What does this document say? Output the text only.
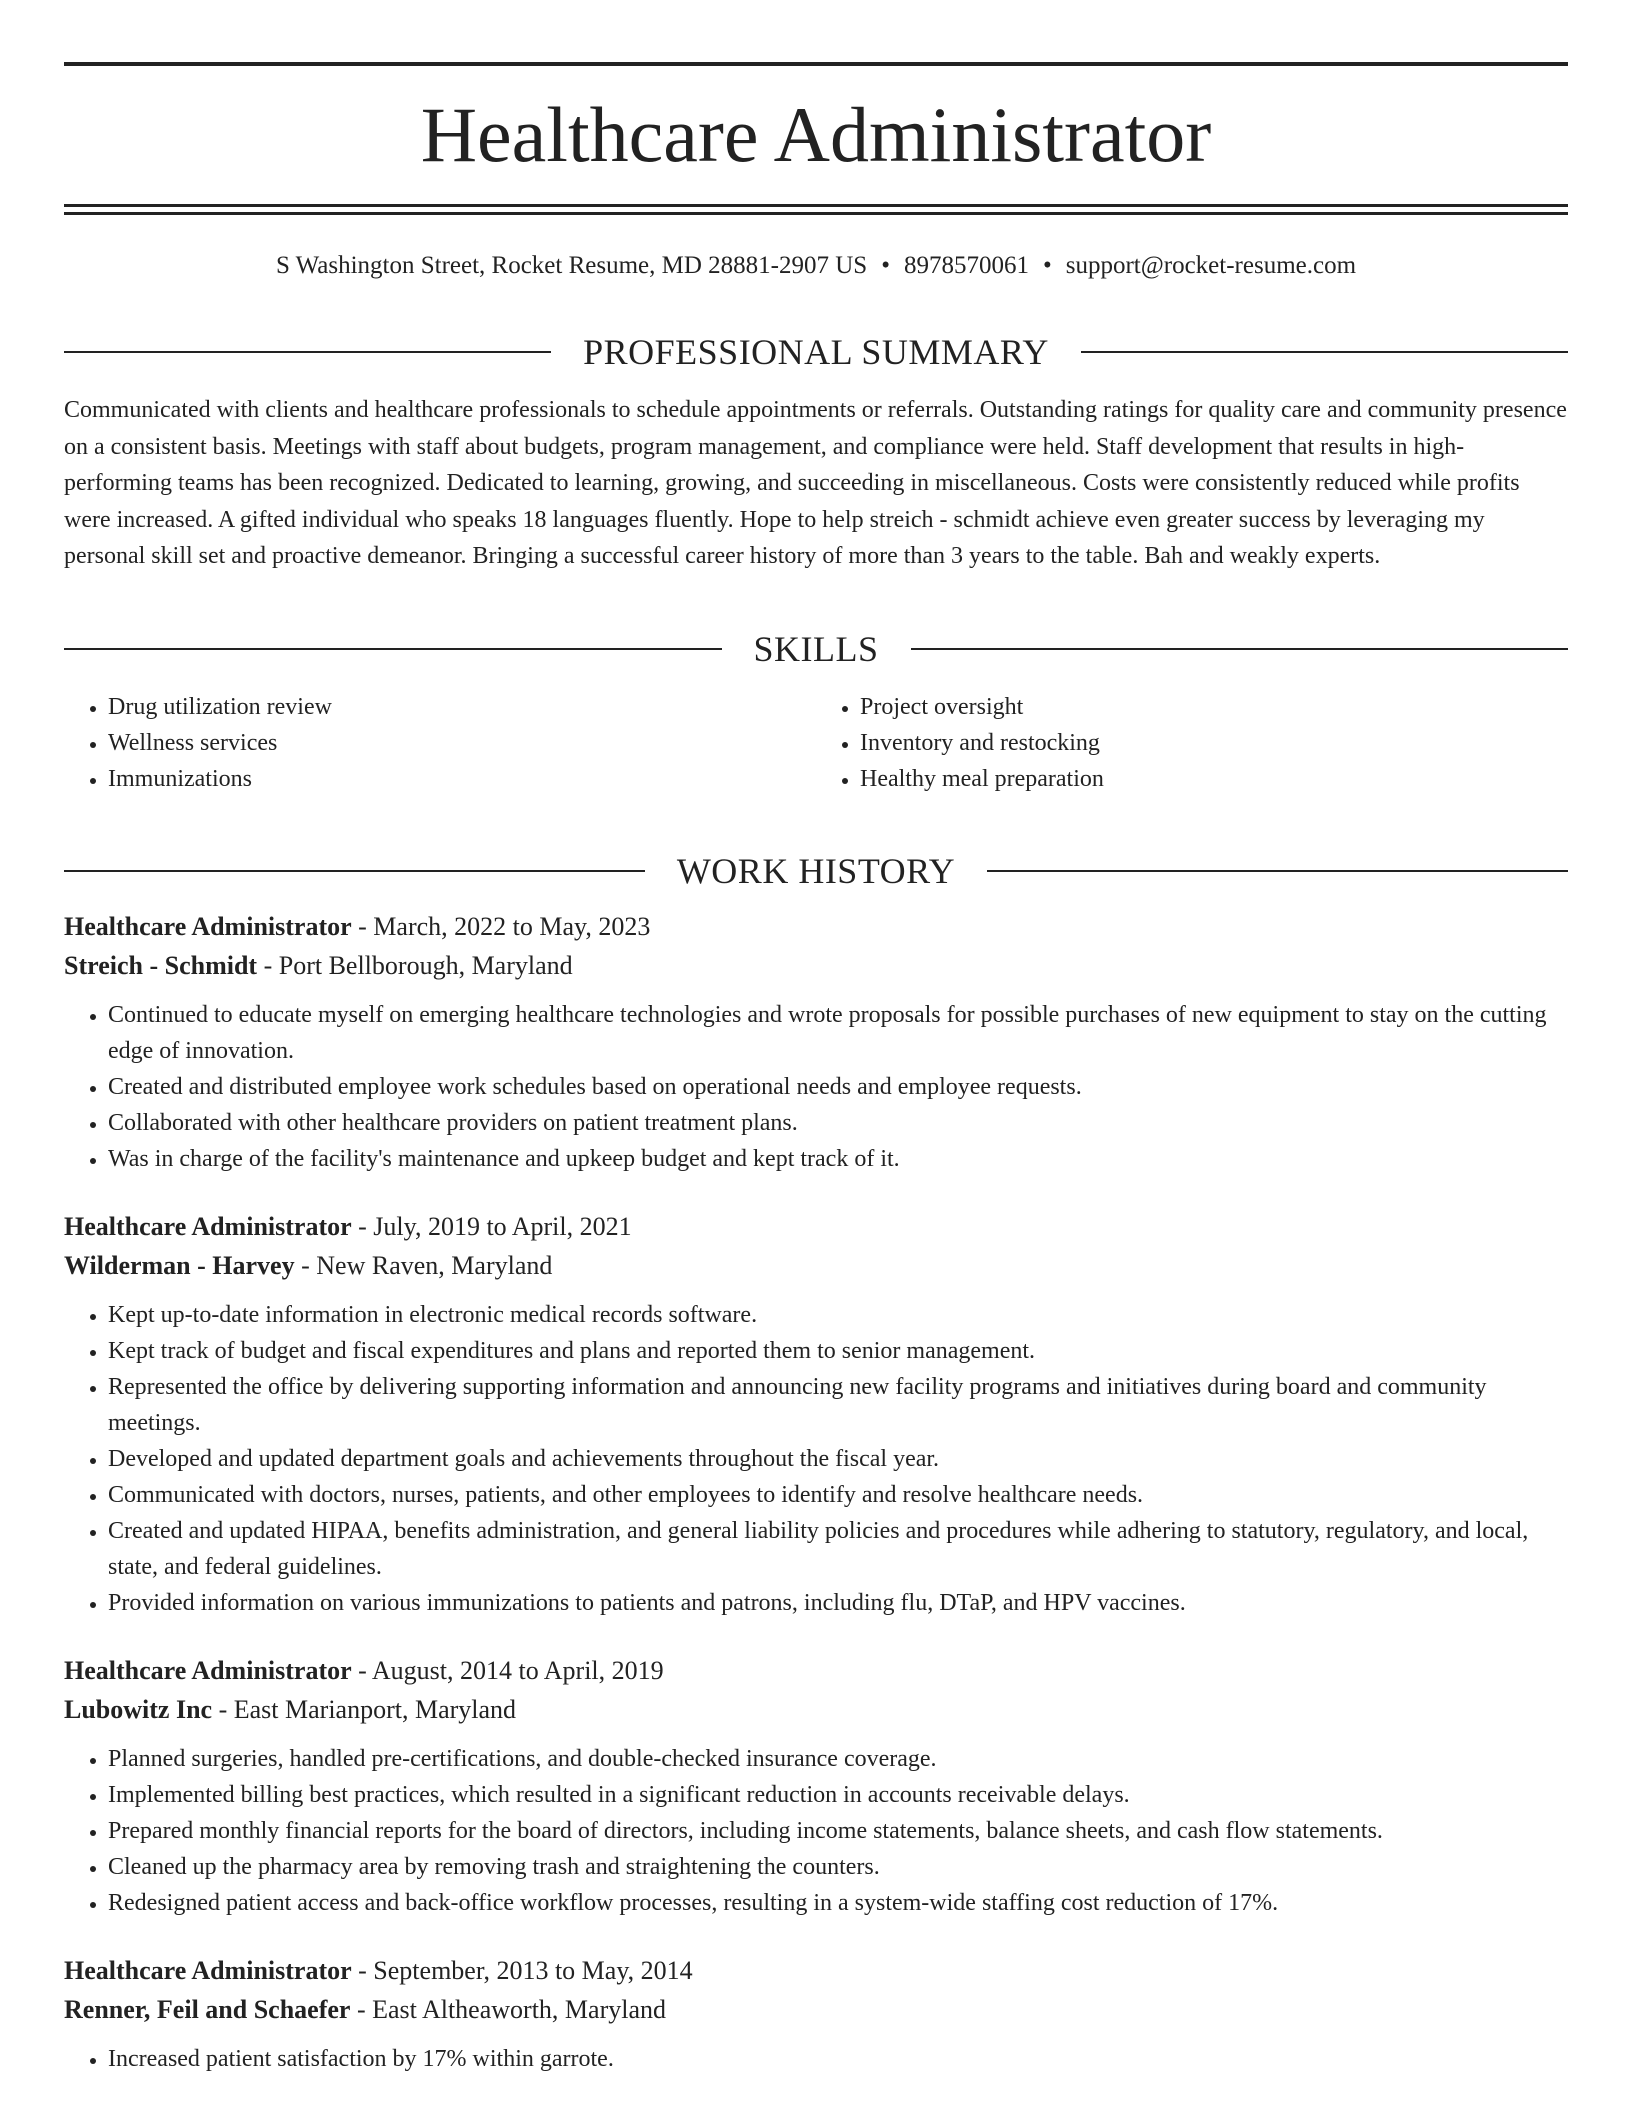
Healthcare Administrator
S Washington Street, Rocket Resume, MD 28881-2907 US • 8978570061 • support@rocket-resume.com
PROFESSIONAL SUMMARY
Communicated with clients and healthcare professionals to schedule appointments or referrals. Outstanding ratings for quality care and community presence on a consistent basis. Meetings with staff about budgets, program management, and compliance were held. Staff development that results in high-performing teams has been recognized. Dedicated to learning, growing, and succeeding in miscellaneous. Costs were consistently reduced while profits were increased. A gifted individual who speaks 18 languages fluently. Hope to help streich - schmidt achieve even greater success by leveraging my personal skill set and proactive demeanor. Bringing a successful career history of more than 3 years to the table. Bah and weakly experts.
SKILLS
• Drug utilization review
• Wellness services
• Immunizations
• Project oversight
• Inventory and restocking
• Healthy meal preparation
WORK HISTORY
Healthcare Administrator - March, 2022 to May, 2023
Streich - Schmidt - Port Bellborough, Maryland
• Continued to educate myself on emerging healthcare technologies and wrote proposals for possible purchases of new equipment to stay on the cutting edge of innovation.
• Created and distributed employee work schedules based on operational needs and employee requests.
• Collaborated with other healthcare providers on patient treatment plans.
• Was in charge of the facility's maintenance and upkeep budget and kept track of it.
Healthcare Administrator - July, 2019 to April, 2021
Wilderman - Harvey - New Raven, Maryland
• Kept up-to-date information in electronic medical records software.
• Kept track of budget and fiscal expenditures and plans and reported them to senior management.
• Represented the office by delivering supporting information and announcing new facility programs and initiatives during board and community meetings.
• Developed and updated department goals and achievements throughout the fiscal year.
• Communicated with doctors, nurses, patients, and other employees to identify and resolve healthcare needs.
• Created and updated HIPAA, benefits administration, and general liability policies and procedures while adhering to statutory, regulatory, and local, state, and federal guidelines.
• Provided information on various immunizations to patients and patrons, including flu, DTaP, and HPV vaccines.
Healthcare Administrator - August, 2014 to April, 2019
Lubowitz Inc - East Marianport, Maryland
• Planned surgeries, handled pre-certifications, and double-checked insurance coverage.
• Implemented billing best practices, which resulted in a significant reduction in accounts receivable delays.
• Prepared monthly financial reports for the board of directors, including income statements, balance sheets, and cash flow statements.
• Cleaned up the pharmacy area by removing trash and straightening the counters.
• Redesigned patient access and back-office workflow processes, resulting in a system-wide staffing cost reduction of 17%.
Healthcare Administrator - September, 2013 to May, 2014
Renner, Feil and Schaefer - East Altheaworth, Maryland
• Increased patient satisfaction by 17% within garrote.
